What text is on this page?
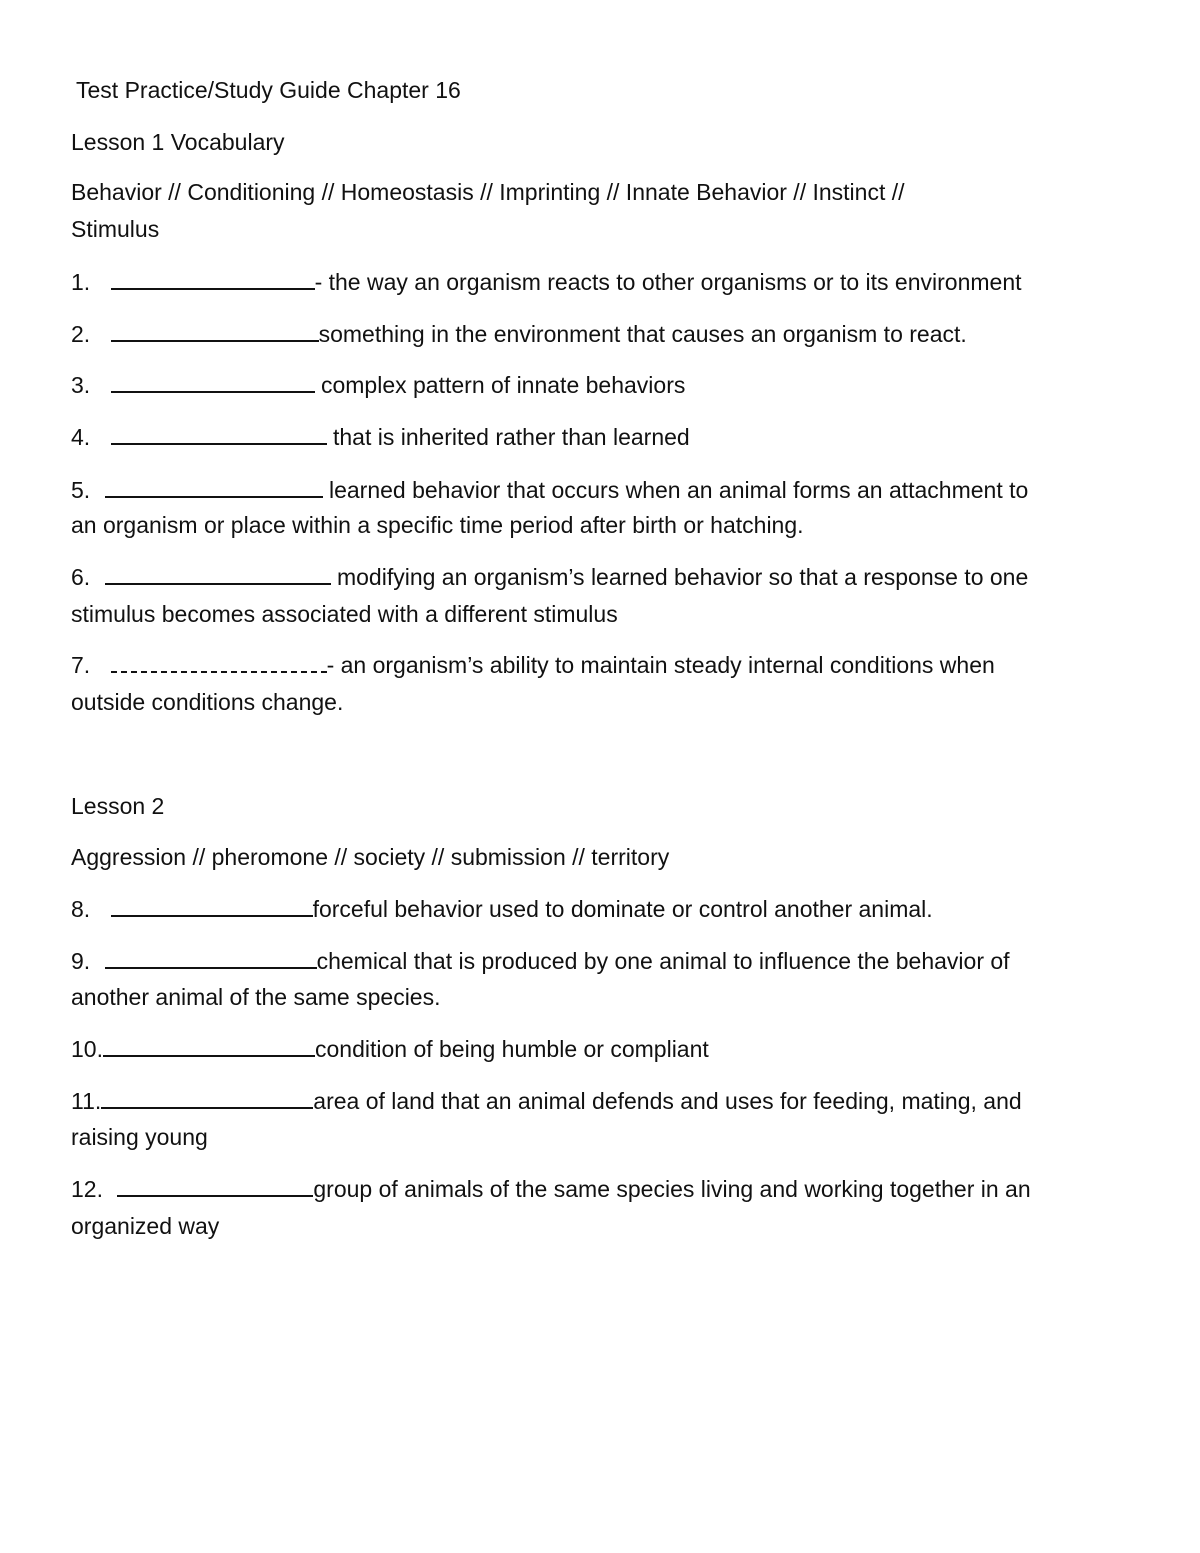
Test Practice/Study Guide Chapter 16
Lesson 1 Vocabulary
Behavior // Conditioning // Homeostasis // Imprinting // Innate Behavior // Instinct //
Stimulus
1.	- the way an organism reacts to other organisms or to its environment
2.	something in the environment that causes an organism to react.
3.	complex pattern of innate behaviors
4.	that is inherited rather than learned
5.	learned behavior that occurs when an animal forms an attachment to
an organism or place within a specific time period after birth or hatching.
6.	modifying an organism’s learned behavior so that a response to one
stimulus becomes associated with a different stimulus
7.	- an organism’s ability to maintain steady internal conditions when
outside conditions change.
Lesson 2
Aggression // pheromone // society // submission // territory
8.	forceful behavior used to dominate or control another animal.
9.	chemical that is produced by one animal to influence the behavior of
another animal of the same species.
10.	condition of being humble or compliant
11.	area of land that an animal defends and uses for feeding, mating, and
raising young
12.	group of animals of the same species living and working together in an
organized way
